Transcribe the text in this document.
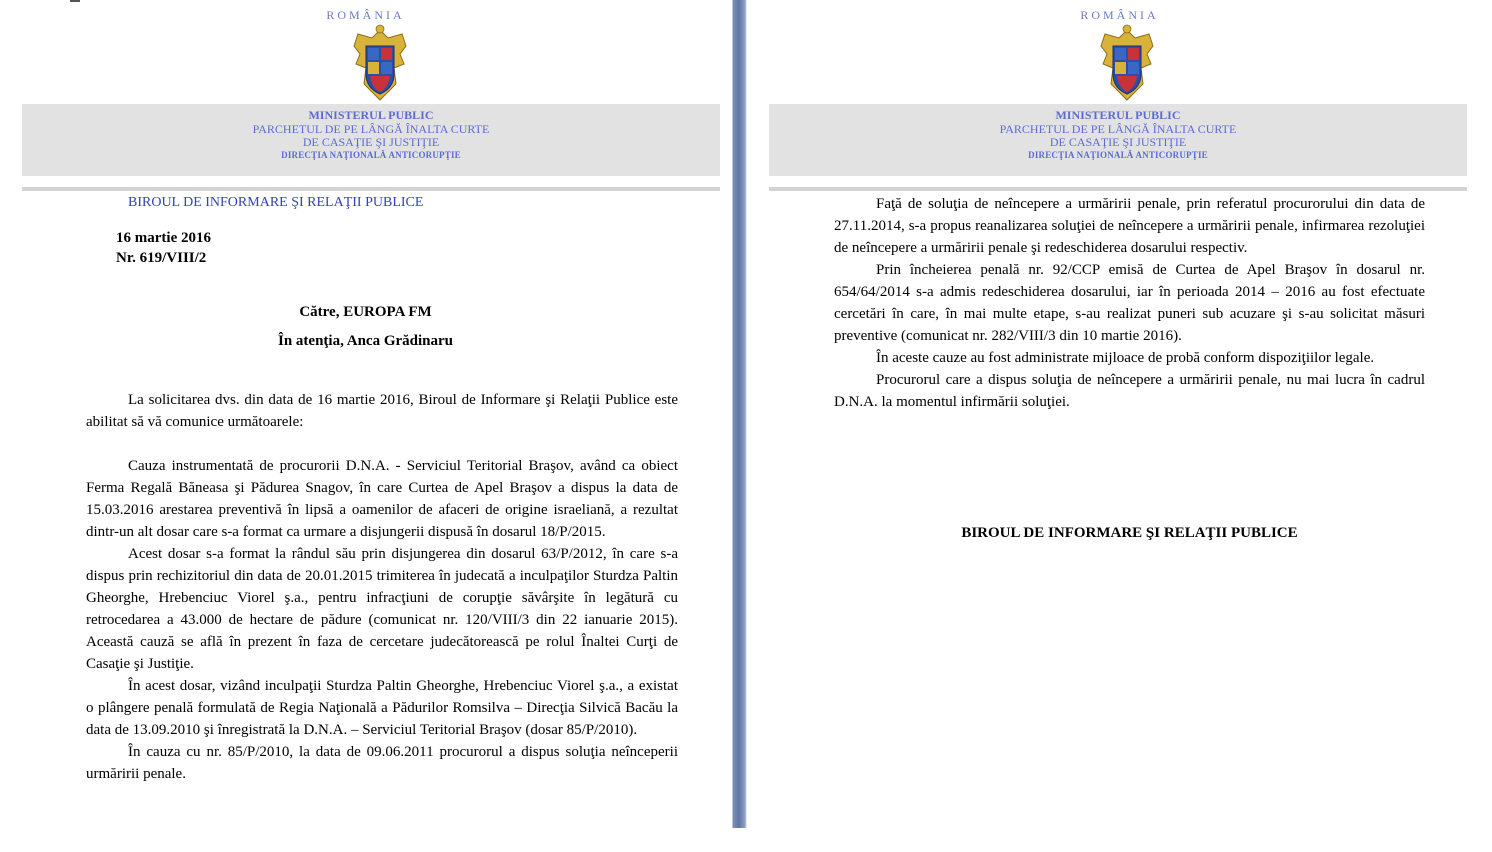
ROMÂNIA
MINISTERUL PUBLIC
PARCHETUL DE PE LÂNGĂ ÎNALTA CURTE
DE CASAŢIE ŞI JUSTIŢIE
DIRECŢIA NAŢIONALĂ ANTICORUPŢIE
BIROUL DE INFORMARE ŞI RELAŢII PUBLICE
16 martie 2016
Nr. 619/VIII/2
Către, EUROPA FM
În atenţia, Anca Grădinaru

La solicitarea dvs. din data de 16 martie 2016, Biroul de Informare şi Relaţii Publice este abilitat să vă comunice următoarele:

Cauza instrumentată de procurorii D.N.A. - Serviciul Teritorial Braşov, având ca obiect Ferma Regală Băneasa şi Pădurea Snagov, în care Curtea de Apel Braşov a dispus la data de 15.03.2016 arestarea preventivă în lipsă a oamenilor de afaceri de origine israeliană, a rezultat dintr-un alt dosar care s-a format ca urmare a disjungerii dispusă în dosarul 18/P/2015.

Acest dosar s-a format la rândul său prin disjungerea din dosarul 63/P/2012, în care s-a dispus prin rechizitoriul din data de 20.01.2015 trimiterea în judecată a inculpaţilor Sturdza Paltin Gheorghe, Hrebenciuc Viorel ş.a., pentru infracţiuni de corupţie săvârşite în legătură cu retrocedarea a 43.000 de hectare de pădure (comunicat nr. 120/VIII/3 din 22 ianuarie 2015). Această cauză se află în prezent în faza de cercetare judecătorească pe rolul Înaltei Curţi de Casaţie şi Justiţie.

În acest dosar, vizând inculpaţii Sturdza Paltin Gheorghe, Hrebenciuc Viorel ş.a., a existat o plângere penală formulată de Regia Naţională a Pădurilor Romsilva – Direcţia Silvică Bacău la data de 13.09.2010 şi înregistrată la D.N.A. – Serviciul Teritorial Braşov (dosar 85/P/2010).

În cauza cu nr. 85/P/2010, la data de 09.06.2011 procurorul a dispus soluţia neînceperii urmăririi penale.

ROMÂNIA
MINISTERUL PUBLIC
PARCHETUL DE PE LÂNGĂ ÎNALTA CURTE
DE CASAŢIE ŞI JUSTIŢIE
DIRECŢIA NAŢIONALĂ ANTICORUPŢIE

Faţă de soluţia de neîncepere a urmăririi penale, prin referatul procurorului din data de 27.11.2014, s-a propus reanalizarea soluţiei de neîncepere a urmăririi penale, infirmarea rezoluţiei de neîncepere a urmăririi penale şi redeschiderea dosarului respectiv.

Prin încheierea penală nr. 92/CCP emisă de Curtea de Apel Braşov în dosarul nr. 654/64/2014 s-a admis redeschiderea dosarului, iar în perioada 2014 – 2016 au fost efectuate cercetări în care, în mai multe etape, s-au realizat puneri sub acuzare şi s-au solicitat măsuri preventive (comunicat nr. 282/VIII/3 din 10 martie 2016).

În aceste cauze au fost administrate mijloace de probă conform dispoziţiilor legale.

Procurorul care a dispus soluţia de neîncepere a urmăririi penale, nu mai lucra în cadrul D.N.A. la momentul infirmării soluţiei.

BIROUL DE INFORMARE ŞI RELAŢII PUBLICE
